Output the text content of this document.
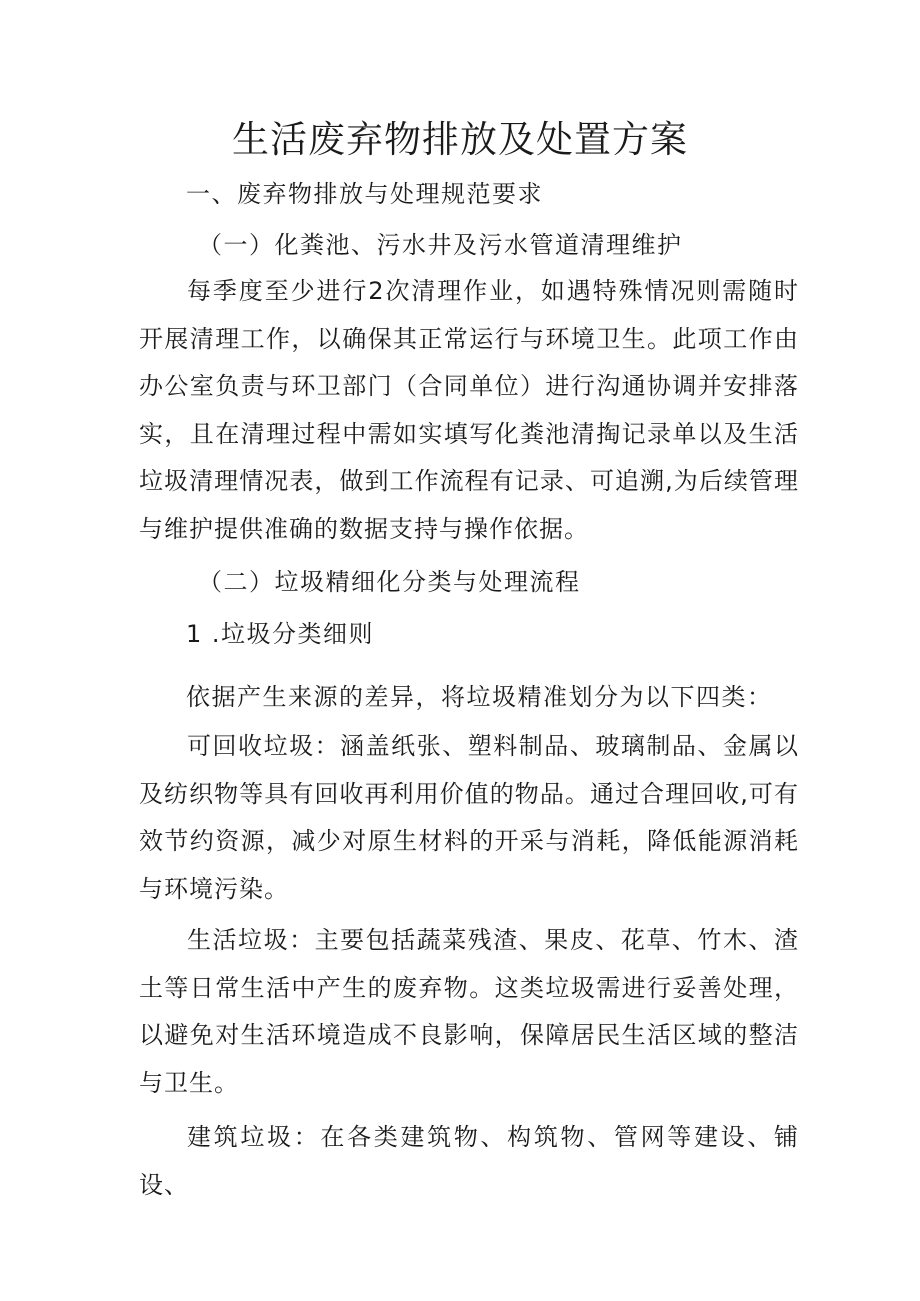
生活废弃物排放及处置方案
一、废弃物排放与处理规范要求
（一）化粪池、污水井及污水管道清理维护

每季度至少进行2次清理作业，如遇特殊情况则需随时开展清理工作，以确保其正常运行与环境卫生。此项工作由办公室负责与环卫部门（合同单位）进行沟通协调并安排落实，且在清理过程中需如实填写化粪池清掏记录单以及生活垃圾清理情况表，做到工作流程有记录、可追溯,为后续管理与维护提供准确的数据支持与操作依据。

（二）垃圾精细化分类与处理流程
1 .垃圾分类细则
依据产生来源的差异，将垃圾精准划分为以下四类：

可回收垃圾：涵盖纸张、塑料制品、玻璃制品、金属以及纺织物等具有回收再利用价值的物品。通过合理回收,可有效节约资源，减少对原生材料的开采与消耗，降低能源消耗与环境污染。

生活垃圾：主要包括蔬菜残渣、果皮、花草、竹木、渣土等日常生活中产生的废弃物。这类垃圾需进行妥善处理，以避免对生活环境造成不良影响，保障居民生活区域的整洁与卫生。

建筑垃圾：在各类建筑物、构筑物、管网等建设、铺设、
